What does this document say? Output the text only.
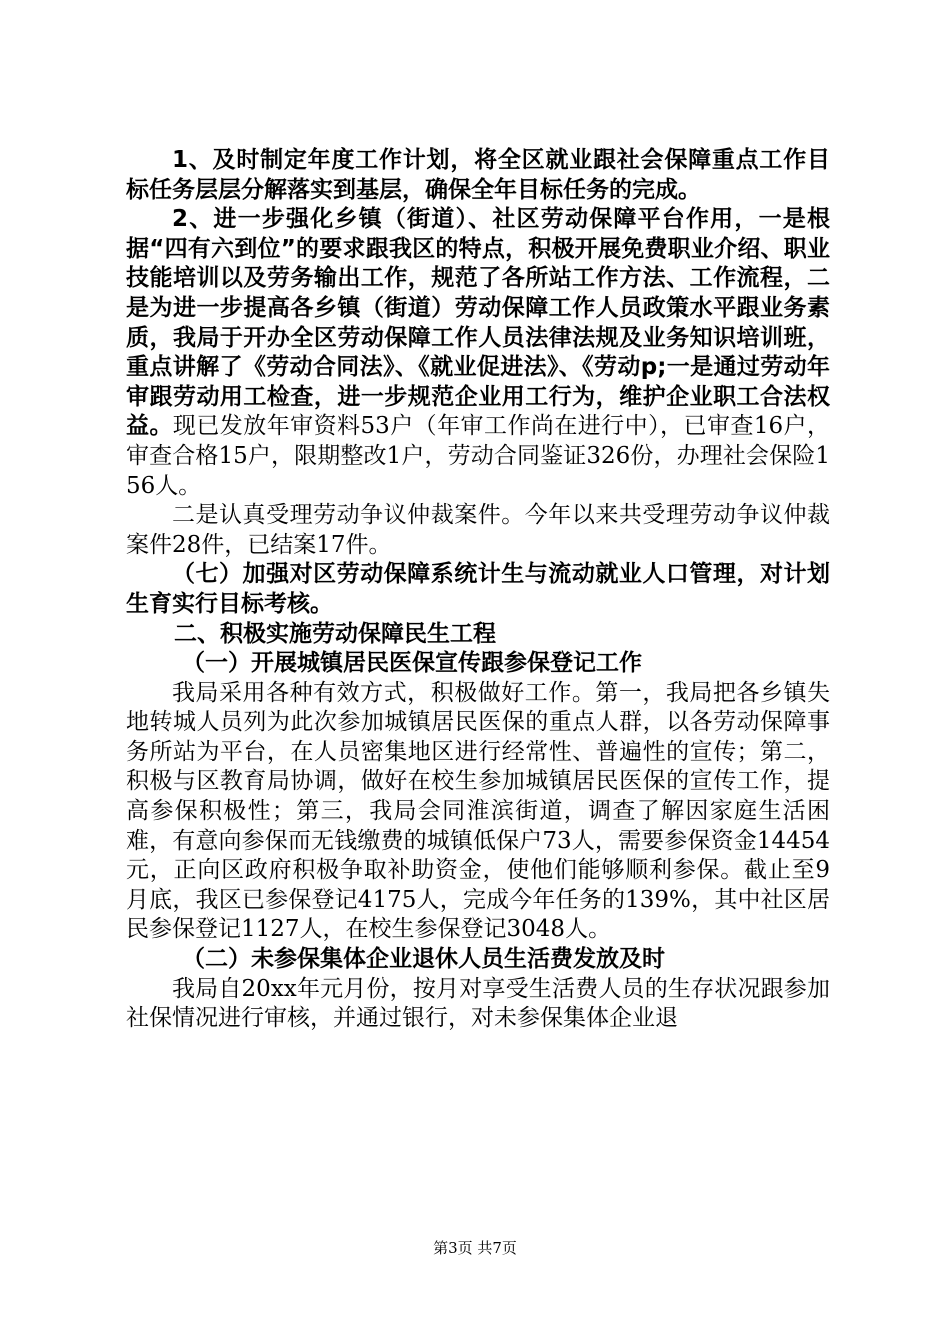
1、及时制定年度工作计划，将全区就业跟社会保障重点工作目标任务层层分解落实到基层，确保全年目标任务的完成。

2、进一步强化乡镇（街道）、社区劳动保障平台作用，一是根据“四有六到位”的要求跟我区的特点，积极开展免费职业介绍、职业技能培训以及劳务输出工作，规范了各所站工作方法、工作流程，二是为进一步提高各乡镇（街道）劳动保障工作人员政策水平跟业务素质，我局于开办全区劳动保障工作人员法律法规及业务知识培训班，重点讲解了《劳动合同法》、《就业促进法》、《劳动p;一是通过劳动年审跟劳动用工检查，进一步规范企业用工行为，维护企业职工合法权益。现已发放年审资料53户（年审工作尚在进行中），已审查16户，审查合格15户，限期整改1户，劳动合同鉴证326份，办理社会保险156人。

二是认真受理劳动争议仲裁案件。今年以来共受理劳动争议仲裁案件28件，已结案17件。

（七）加强对区劳动保障系统计生与流动就业人口管理，对计划生育实行目标考核。

二、积极实施劳动保障民生工程

（一）开展城镇居民医保宣传跟参保登记工作

我局采用各种有效方式，积极做好工作。第一，我局把各乡镇失地转城人员列为此次参加城镇居民医保的重点人群，以各劳动保障事务所站为平台，在人员密集地区进行经常性、普遍性的宣传；第二，积极与区教育局协调，做好在校生参加城镇居民医保的宣传工作，提高参保积极性；第三，我局会同淮滨街道，调查了解因家庭生活困难，有意向参保而无钱缴费的城镇低保户73人，需要参保资金14454元，正向区政府积极争取补助资金，使他们能够顺利参保。截止至9月底，我区已参保登记4175人，完成今年任务的139%，其中社区居民参保登记1127人，在校生参保登记3048人。

（二）未参保集体企业退休人员生活费发放及时

我局自20xx年元月份，按月对享受生活费人员的生存状况跟参加社保情况进行审核，并通过银行，对未参保集体企业退

第3页 共7页
